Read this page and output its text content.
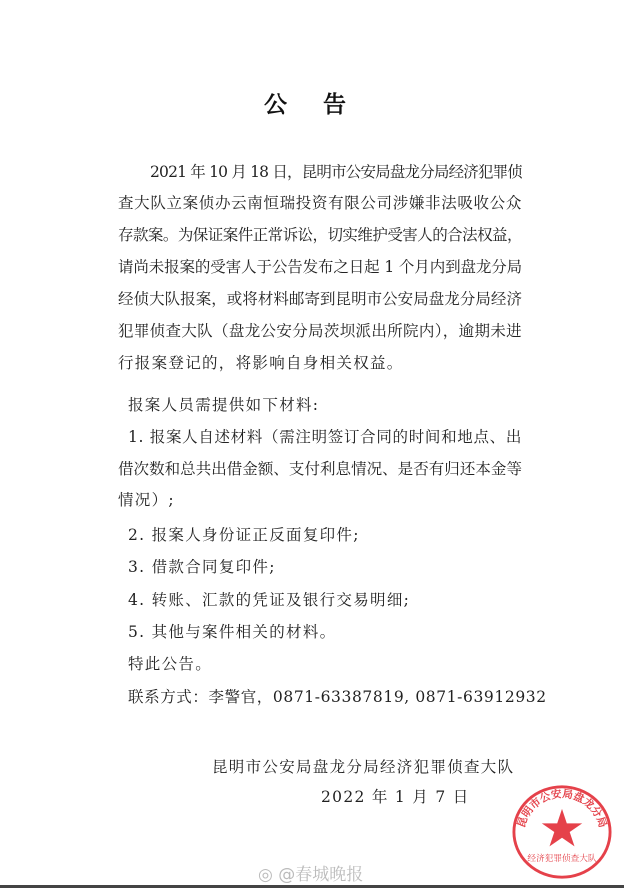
公 告
2021 年 10 月 18 日，昆明市公安局盘龙分局经济犯罪侦
查大队立案侦办云南恒瑞投资有限公司涉嫌非法吸收公众
存款案。为保证案件正常诉讼，切实维护受害人的合法权益，
请尚未报案的受害人于公告发布之日起 1 个月内到盘龙分局
经侦大队报案，或将材料邮寄到昆明市公安局盘龙分局经济
犯罪侦查大队（盘龙公安分局茨坝派出所院内），逾期未进
行报案登记的，将影响自身相关权益。
报案人员需提供如下材料:
1. 报案人自述材料（需注明签订合同的时间和地点、出
借次数和总共出借金额、支付利息情况、是否有归还本金等
情况）;
2. 报案人身份证正反面复印件;
3. 借款合同复印件;
4. 转账、汇款的凭证及银行交易明细;
5. 其他与案件相关的材料。
特此公告。
联系方式：李警官，0871-63387819, 0871-63912932
昆明市公安局盘龙分局
经济犯罪侦查大队
昆明市公安局盘龙分局经济犯罪侦查大队
2022 年 1 月 7 日
◎ @春城晚报
